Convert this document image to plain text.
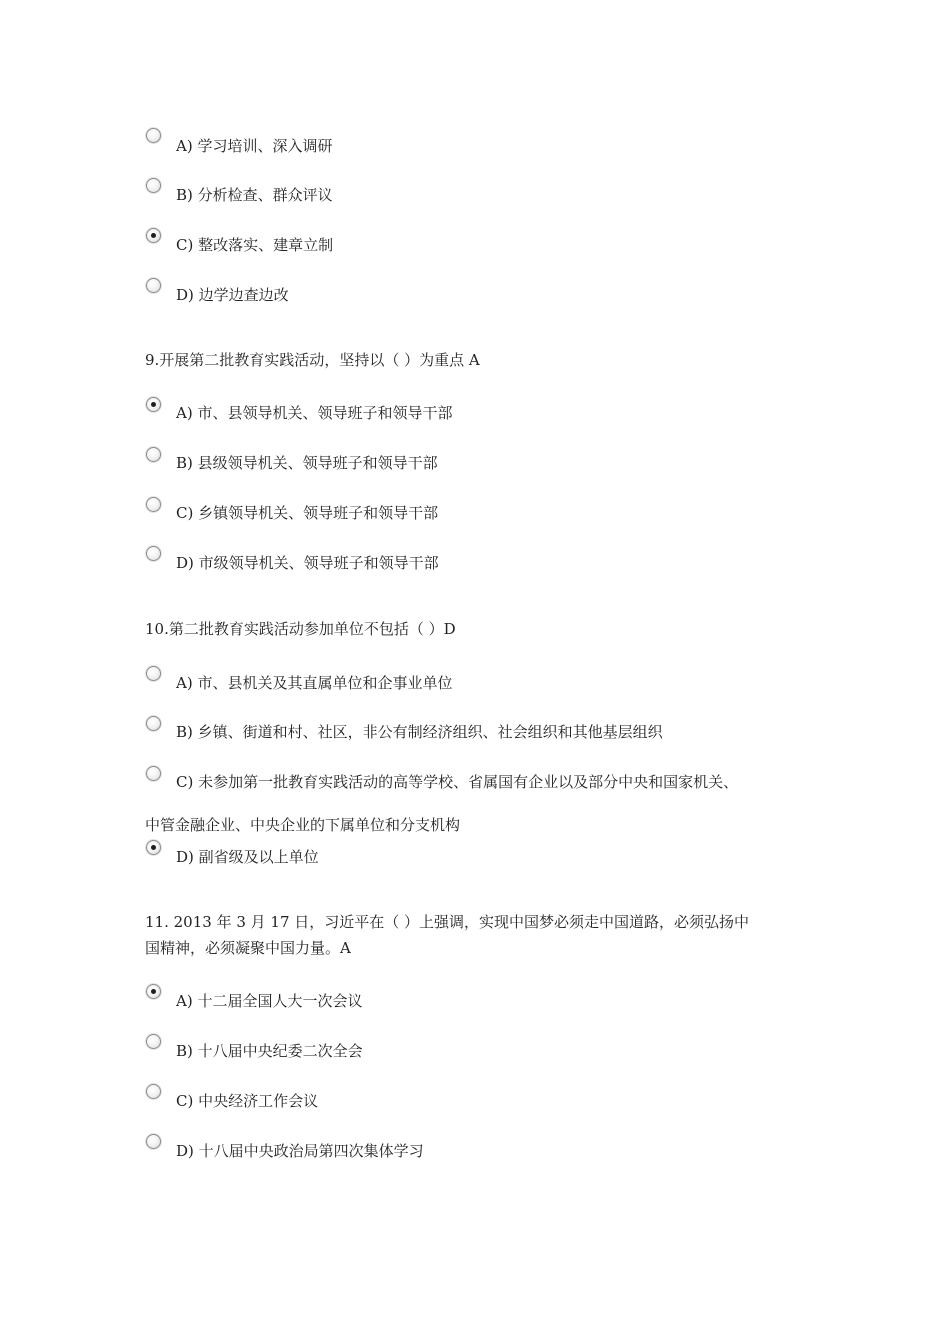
A) 学习培训、深入调研
B) 分析检查、群众评议
C) 整改落实、建章立制
D) 边学边查边改
9.开展第二批教育实践活动，坚持以（ ）为重点 A
A) 市、县领导机关、领导班子和领导干部
B) 县级领导机关、领导班子和领导干部
C) 乡镇领导机关、领导班子和领导干部
D) 市级领导机关、领导班子和领导干部
10.第二批教育实践活动参加单位不包括（ ）D
A) 市、县机关及其直属单位和企事业单位
B) 乡镇、街道和村、社区，非公有制经济组织、社会组织和其他基层组织
C) 未参加第一批教育实践活动的高等学校、省属国有企业以及部分中央和国家机关、
中管金融企业、中央企业的下属单位和分支机构
D) 副省级及以上单位
11. 2013 年 3 月 17 日，习近平在（ ）上强调，实现中国梦必须走中国道路，必须弘扬中
国精神，必须凝聚中国力量。A
A) 十二届全国人大一次会议
B) 十八届中央纪委二次全会
C) 中央经济工作会议
D) 十八届中央政治局第四次集体学习
